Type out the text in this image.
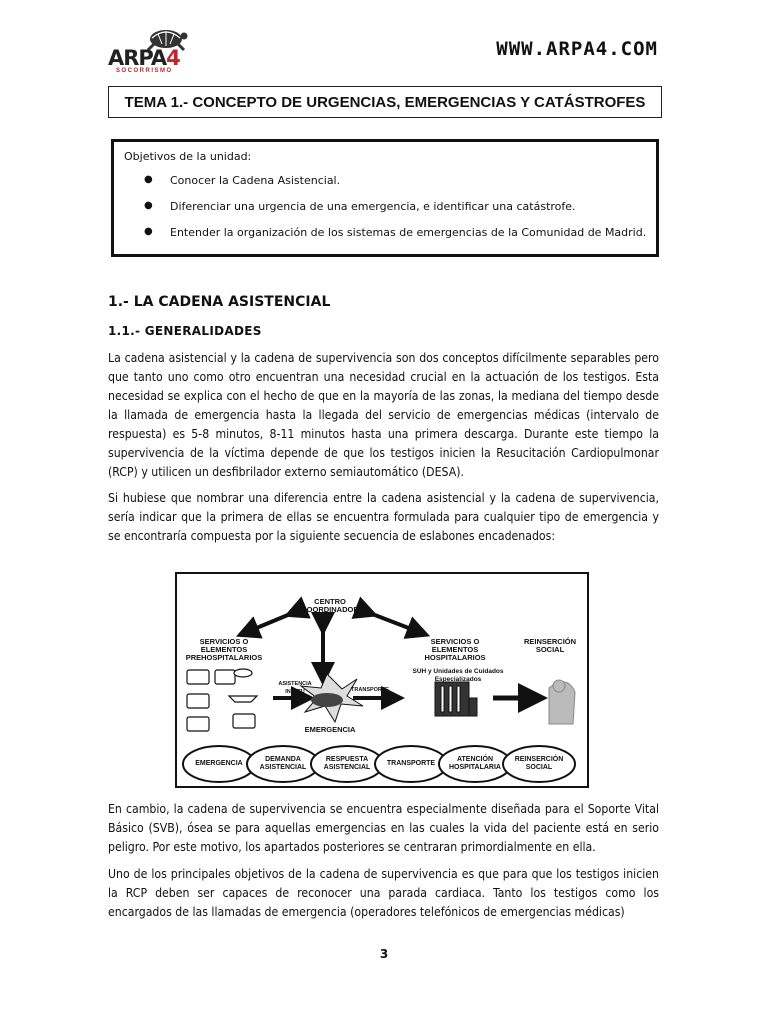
ARPA4
SOCORRISMO
WWW.ARPA4.COM
TEMA 1.- CONCEPTO DE URGENCIAS, EMERGENCIAS Y CATÁSTROFES
Objetivos de la unidad:
●	Conocer la Cadena Asistencial.
●	Diferenciar una urgencia de una emergencia, e identificar una catástrofe.
●	Entender la organización de los sistemas de emergencias de la Comunidad de Madrid.
1.- LA CADENA ASISTENCIAL
1.1.- GENERALIDADES

La cadena asistencial y la cadena de supervivencia son dos conceptos difícilmente separables pero que tanto uno como otro encuentran una necesidad crucial en la actuación de los testigos. Esta necesidad se explica con el hecho de que en la mayoría de las zonas, la mediana del tiempo desde la llamada de emergencia hasta la llegada del servicio de emergencias médicas (intervalo de respuesta) es 5-8 minutos, 8-11 minutos hasta una primera descarga. Durante este tiempo la supervivencia de la víctima depende de que los testigos inicien la Resucitación Cardiopulmonar (RCP) y utilicen un desfibrilador externo semiautomático (DESA).

Si hubiese que nombrar una diferencia entre la cadena asistencial y la cadena de supervivencia, sería indicar que la primera de ellas se encuentra formulada para cualquier tipo de emergencia y se encontraría compuesta por la siguiente secuencia de eslabones encadenados:

CENTRO
COORDINADOR
SERVICIOS O
ELEMENTOS
PREHOSPITALARIOS
SERVICIOS O
ELEMENTOS
HOSPITALARIOS
REINSERCIÓN
SOCIAL
SUH y Unidades de Cuidados
Especializados
ASISTENCIA
IN SITU	TRANSPORTE
EMERGENCIA
EMERGENCIA
DEMANDA
ASISTENCIAL
RESPUESTA
ASISTENCIAL
TRANSPORTE
ATENCIÓN
HOSPITALARIA
REINSERCIÓN
SOCIAL

En cambio, la cadena de supervivencia se encuentra especialmente diseñada para el Soporte Vital Básico (SVB), ósea se para aquellas emergencias en las cuales la vida del paciente está en serio peligro. Por este motivo, los apartados posteriores se centraran primordialmente en ella.

Uno de los principales objetivos de la cadena de supervivencia es que para que los testigos inicien la RCP deben ser capaces de reconocer una parada cardiaca. Tanto los testigos como los encargados de las llamadas de emergencia (operadores telefónicos de emergencias médicas)

3
